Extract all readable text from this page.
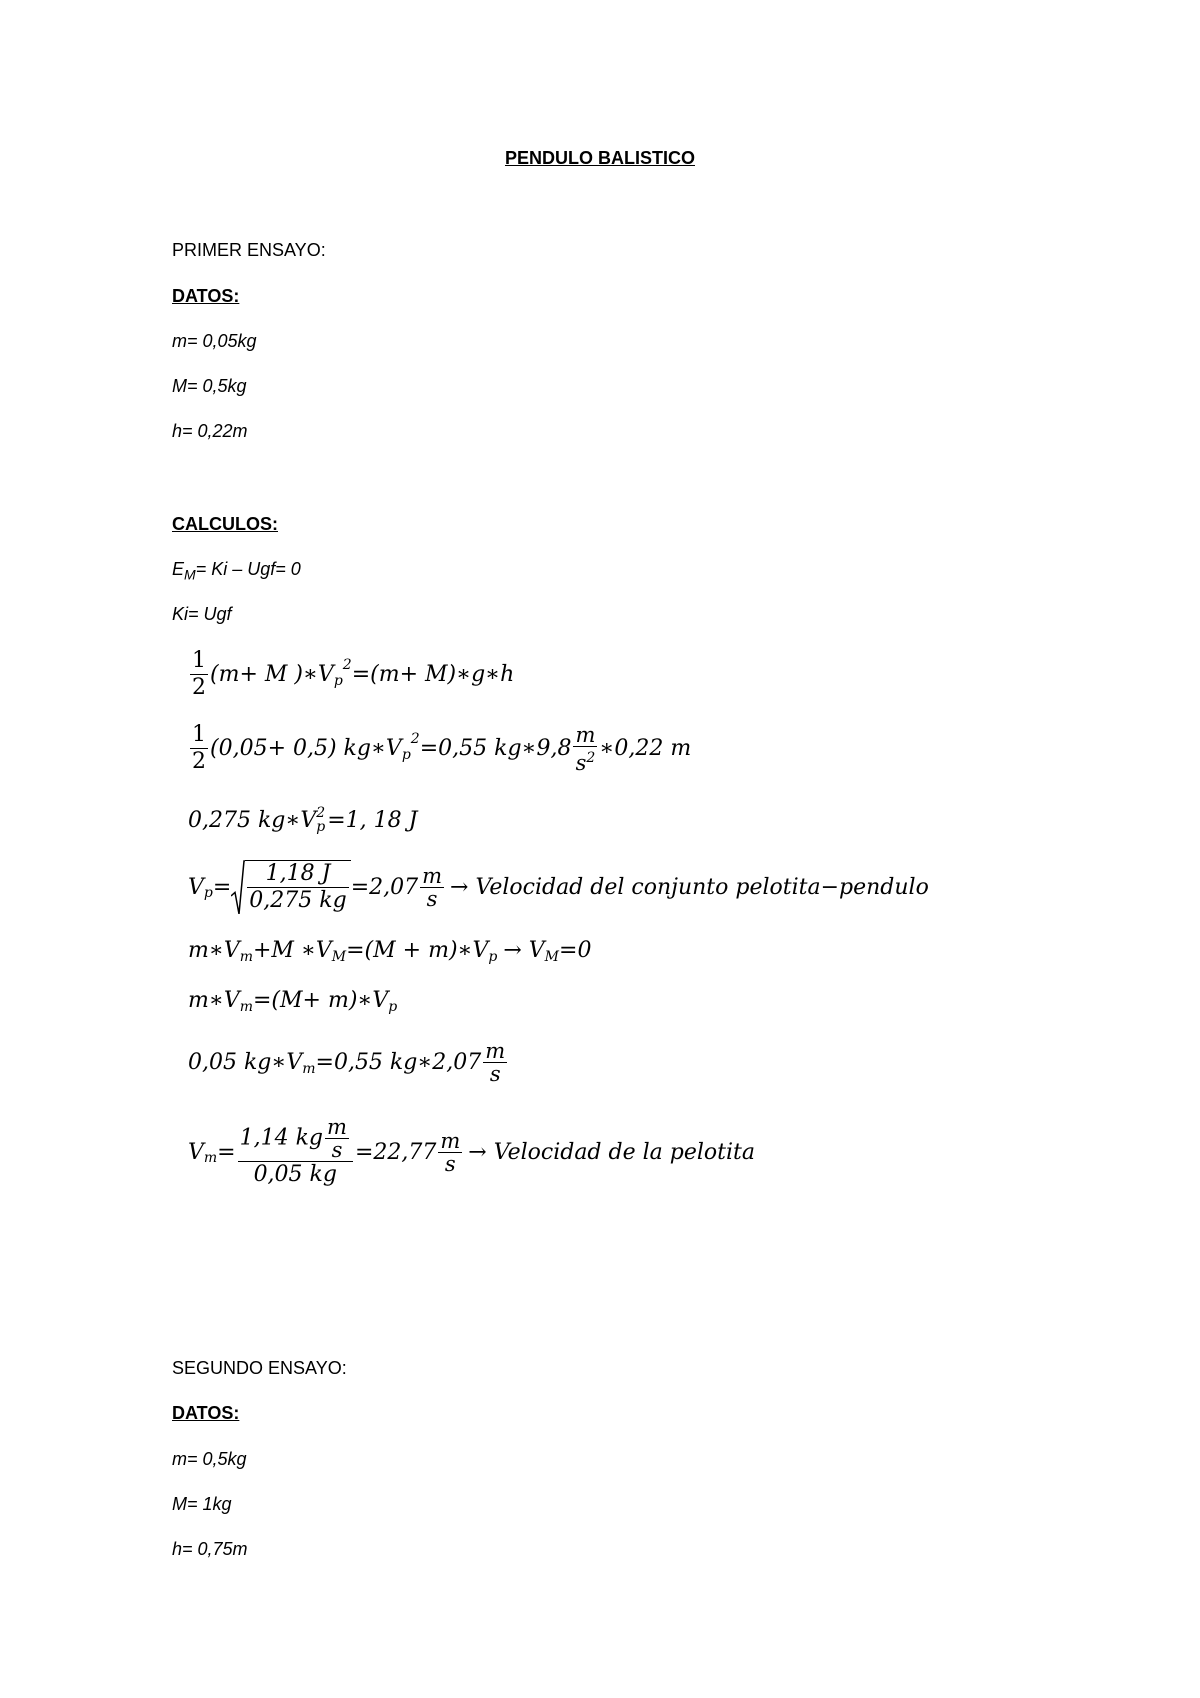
PENDULO BALISTICO
PRIMER ENSAYO:
DATOS:
m= 0,05kg
M= 0,5kg
h= 0,22m
CALCULOS:
$E_M= Ki - Ugf= 0$
Ki= Ugf
$\frac{1}{2} (m+ M$ )∗V p
2 =(m+ M)∗g∗h
$\frac{1}{2} (0,05+ 0,5)$ kg∗V p
2 =0,55 kg∗9,8 $\frac{m}{s^2}$ ∗0,22 m
0,275 kg∗V 2
p =1, 18 J
V $p = \frac{1,18 J}{0,275 kg} =2,07 \frac{m}{s}$ → Velocidad del conjunto pelotita−pendulo
m∗V m +M ∗V M =(M + m)∗V p → V M =0
m∗V m =(M+ m)∗V p
0,05 kg∗V m =0,55 kg∗2,07 $\frac{m}{s}$
V $m = \frac{1,14 kg \frac{m}{s}}{0,05 kg} =22,77 \frac{m}{s}$ → Velocidad de la pelotita
SEGUNDO ENSAYO:
DATOS:
m= 0,5kg
M= 1kg
h= 0,75m
